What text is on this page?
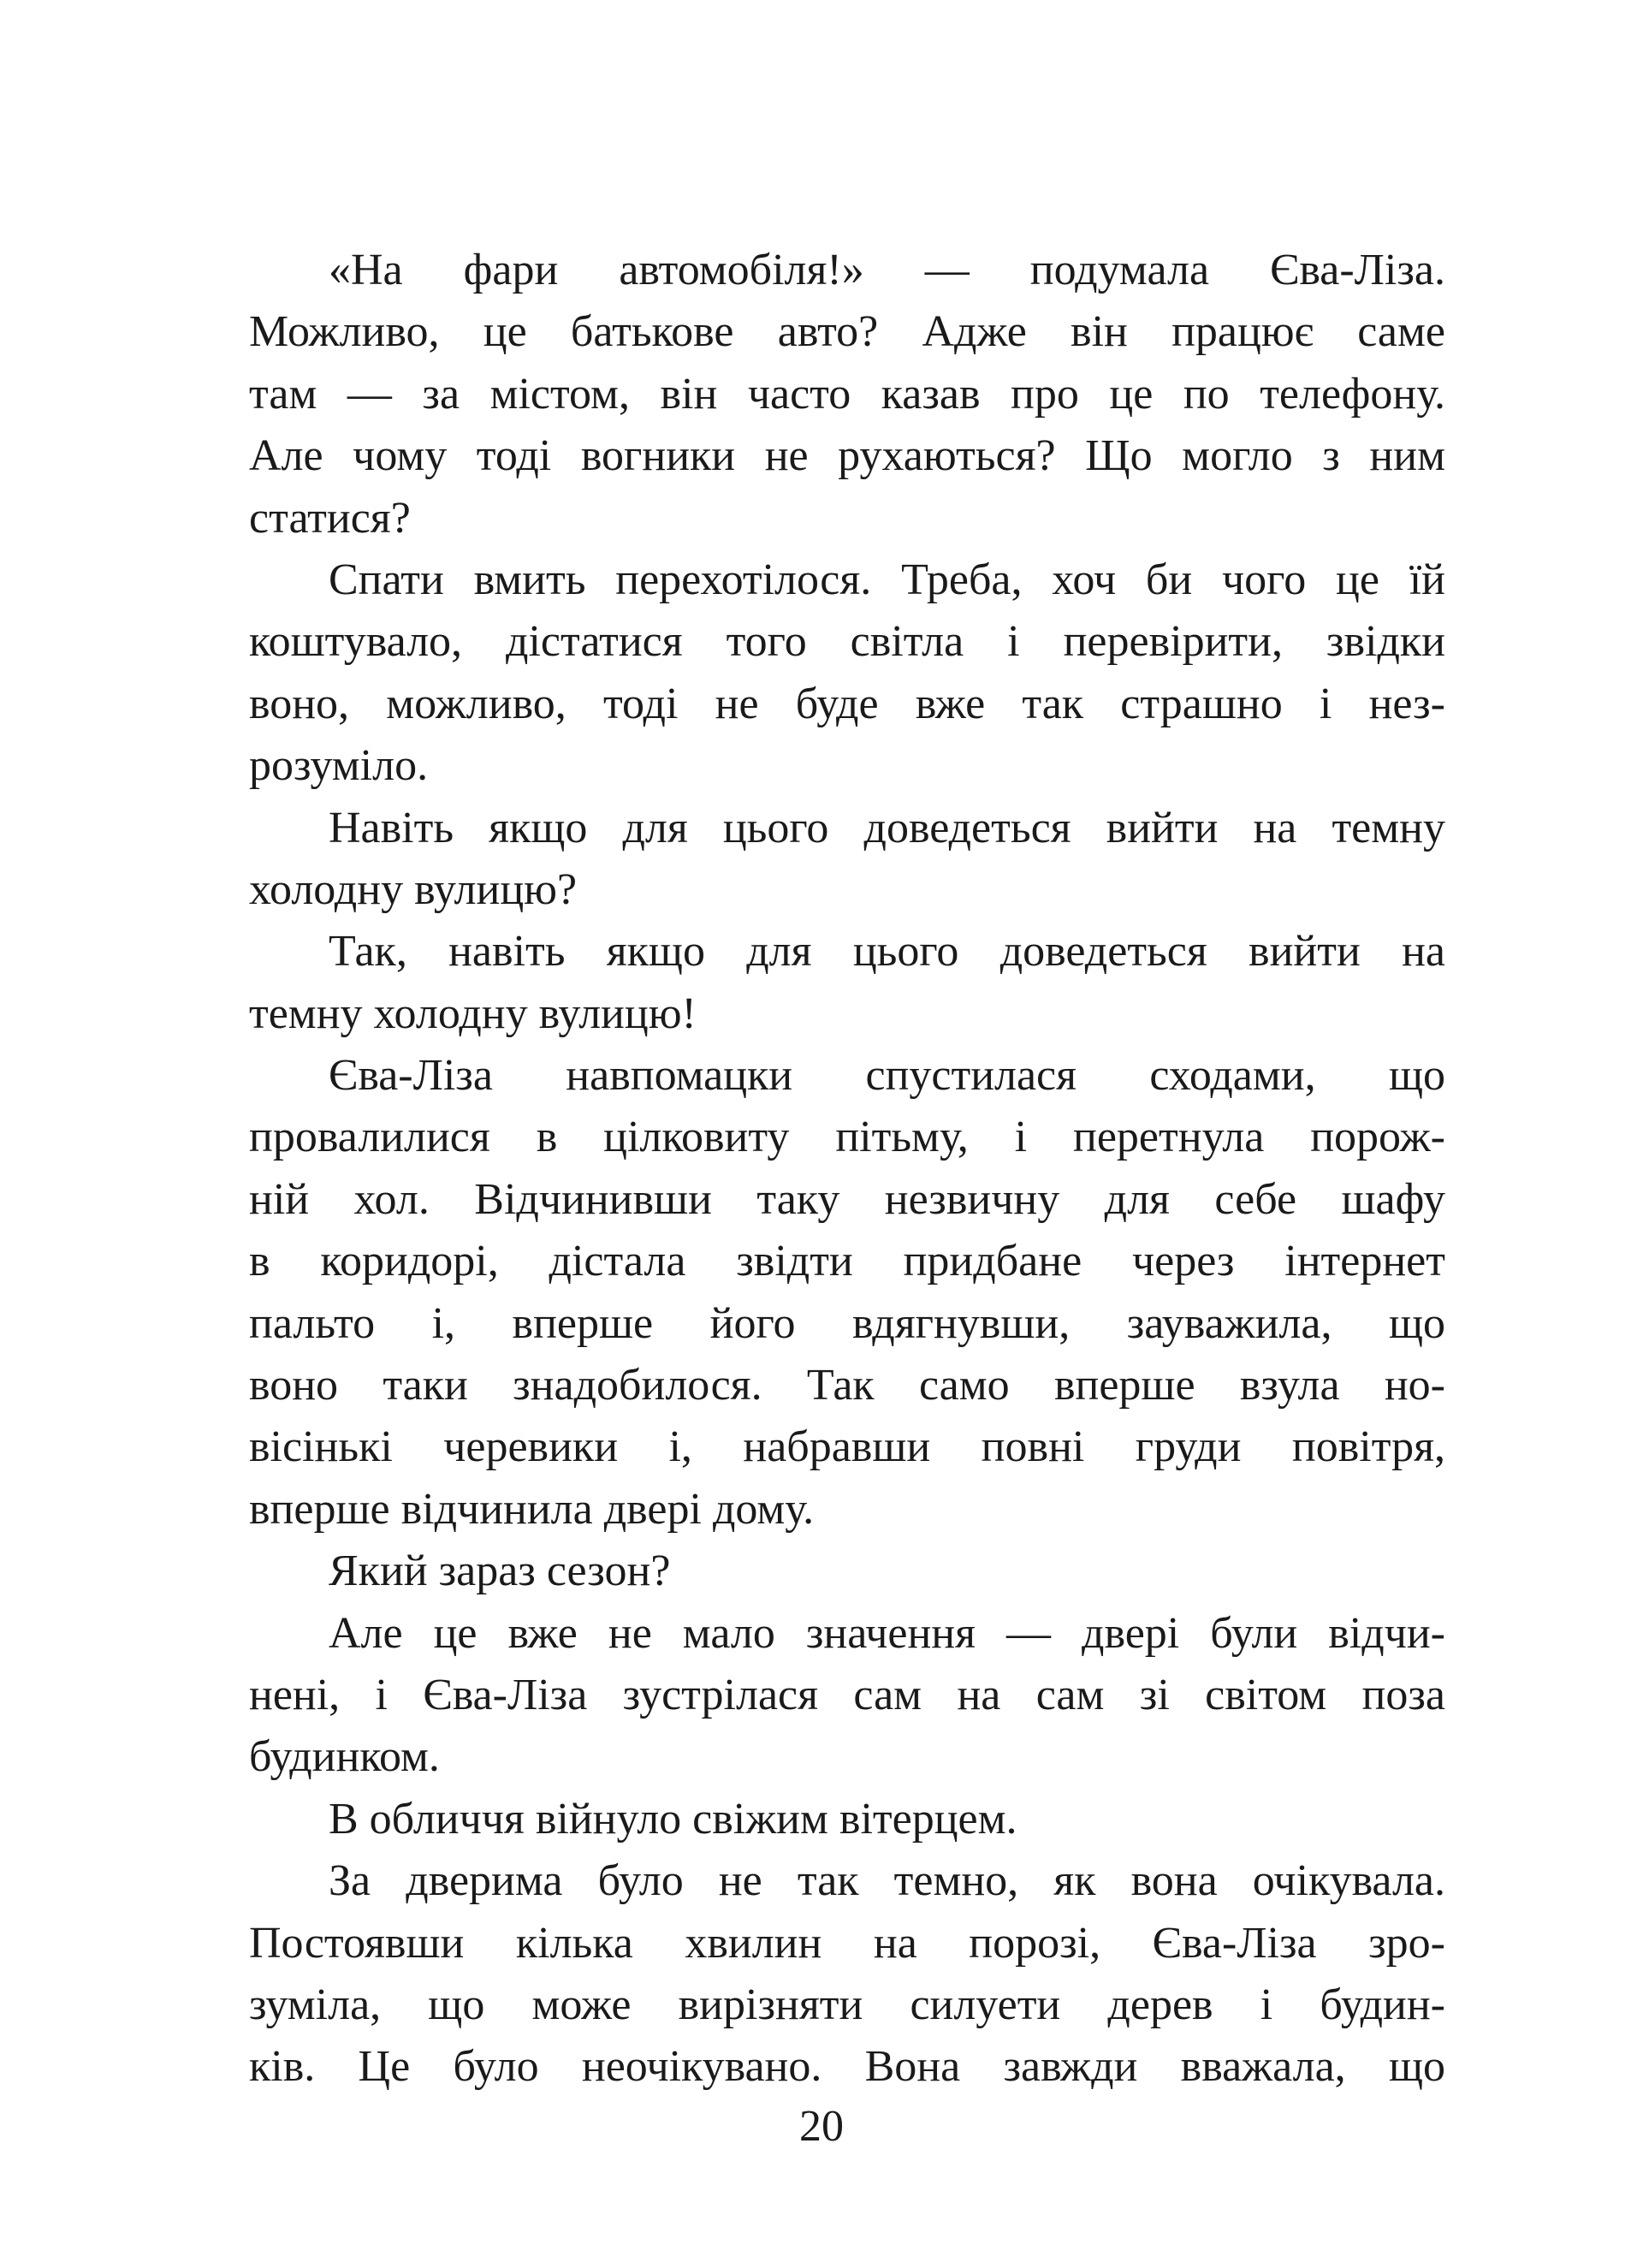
«На фари автомобіля!» — подумала Єва-Ліза.
Можливо, це батькове авто? Адже він працює саме
там — за містом, він часто казав про це по телефону.
Але чому тоді вогники не рухаються? Що могло з ним
статися?
Спати вмить перехотілося. Треба, хоч би чого це їй
коштувало, дістатися того світла і перевірити, звідки
воно, можливо, тоді не буде вже так страшно і нез-
розуміло.
Навіть якщо для цього доведеться вийти на темну
холодну вулицю?
Так, навіть якщо для цього доведеться вийти на
темну холодну вулицю!
Єва-Ліза навпомацки спустилася сходами, що
провалилися в цілковиту пітьму, і перетнула порож-
ній хол. Відчинивши таку незвичну для себе шафу
в коридорі, дістала звідти придбане через інтернет
пальто і, вперше його вдягнувши, зауважила, що
воно таки знадобилося. Так само вперше взула но-
вісінькі черевики і, набравши повні груди повітря,
вперше відчинила двері дому.
Який зараз сезон?
Але це вже не мало значення — двері були відчи-
нені, і Єва-Ліза зустрілася сам на сам зі світом поза
будинком.
В обличчя війнуло свіжим вітерцем.
За дверима було не так темно, як вона очікувала.
Постоявши кілька хвилин на порозі, Єва-Ліза зро-
зуміла, що може вирізняти силуети дерев і будин-
ків. Це було неочікувано. Вона завжди вважала, що
20
